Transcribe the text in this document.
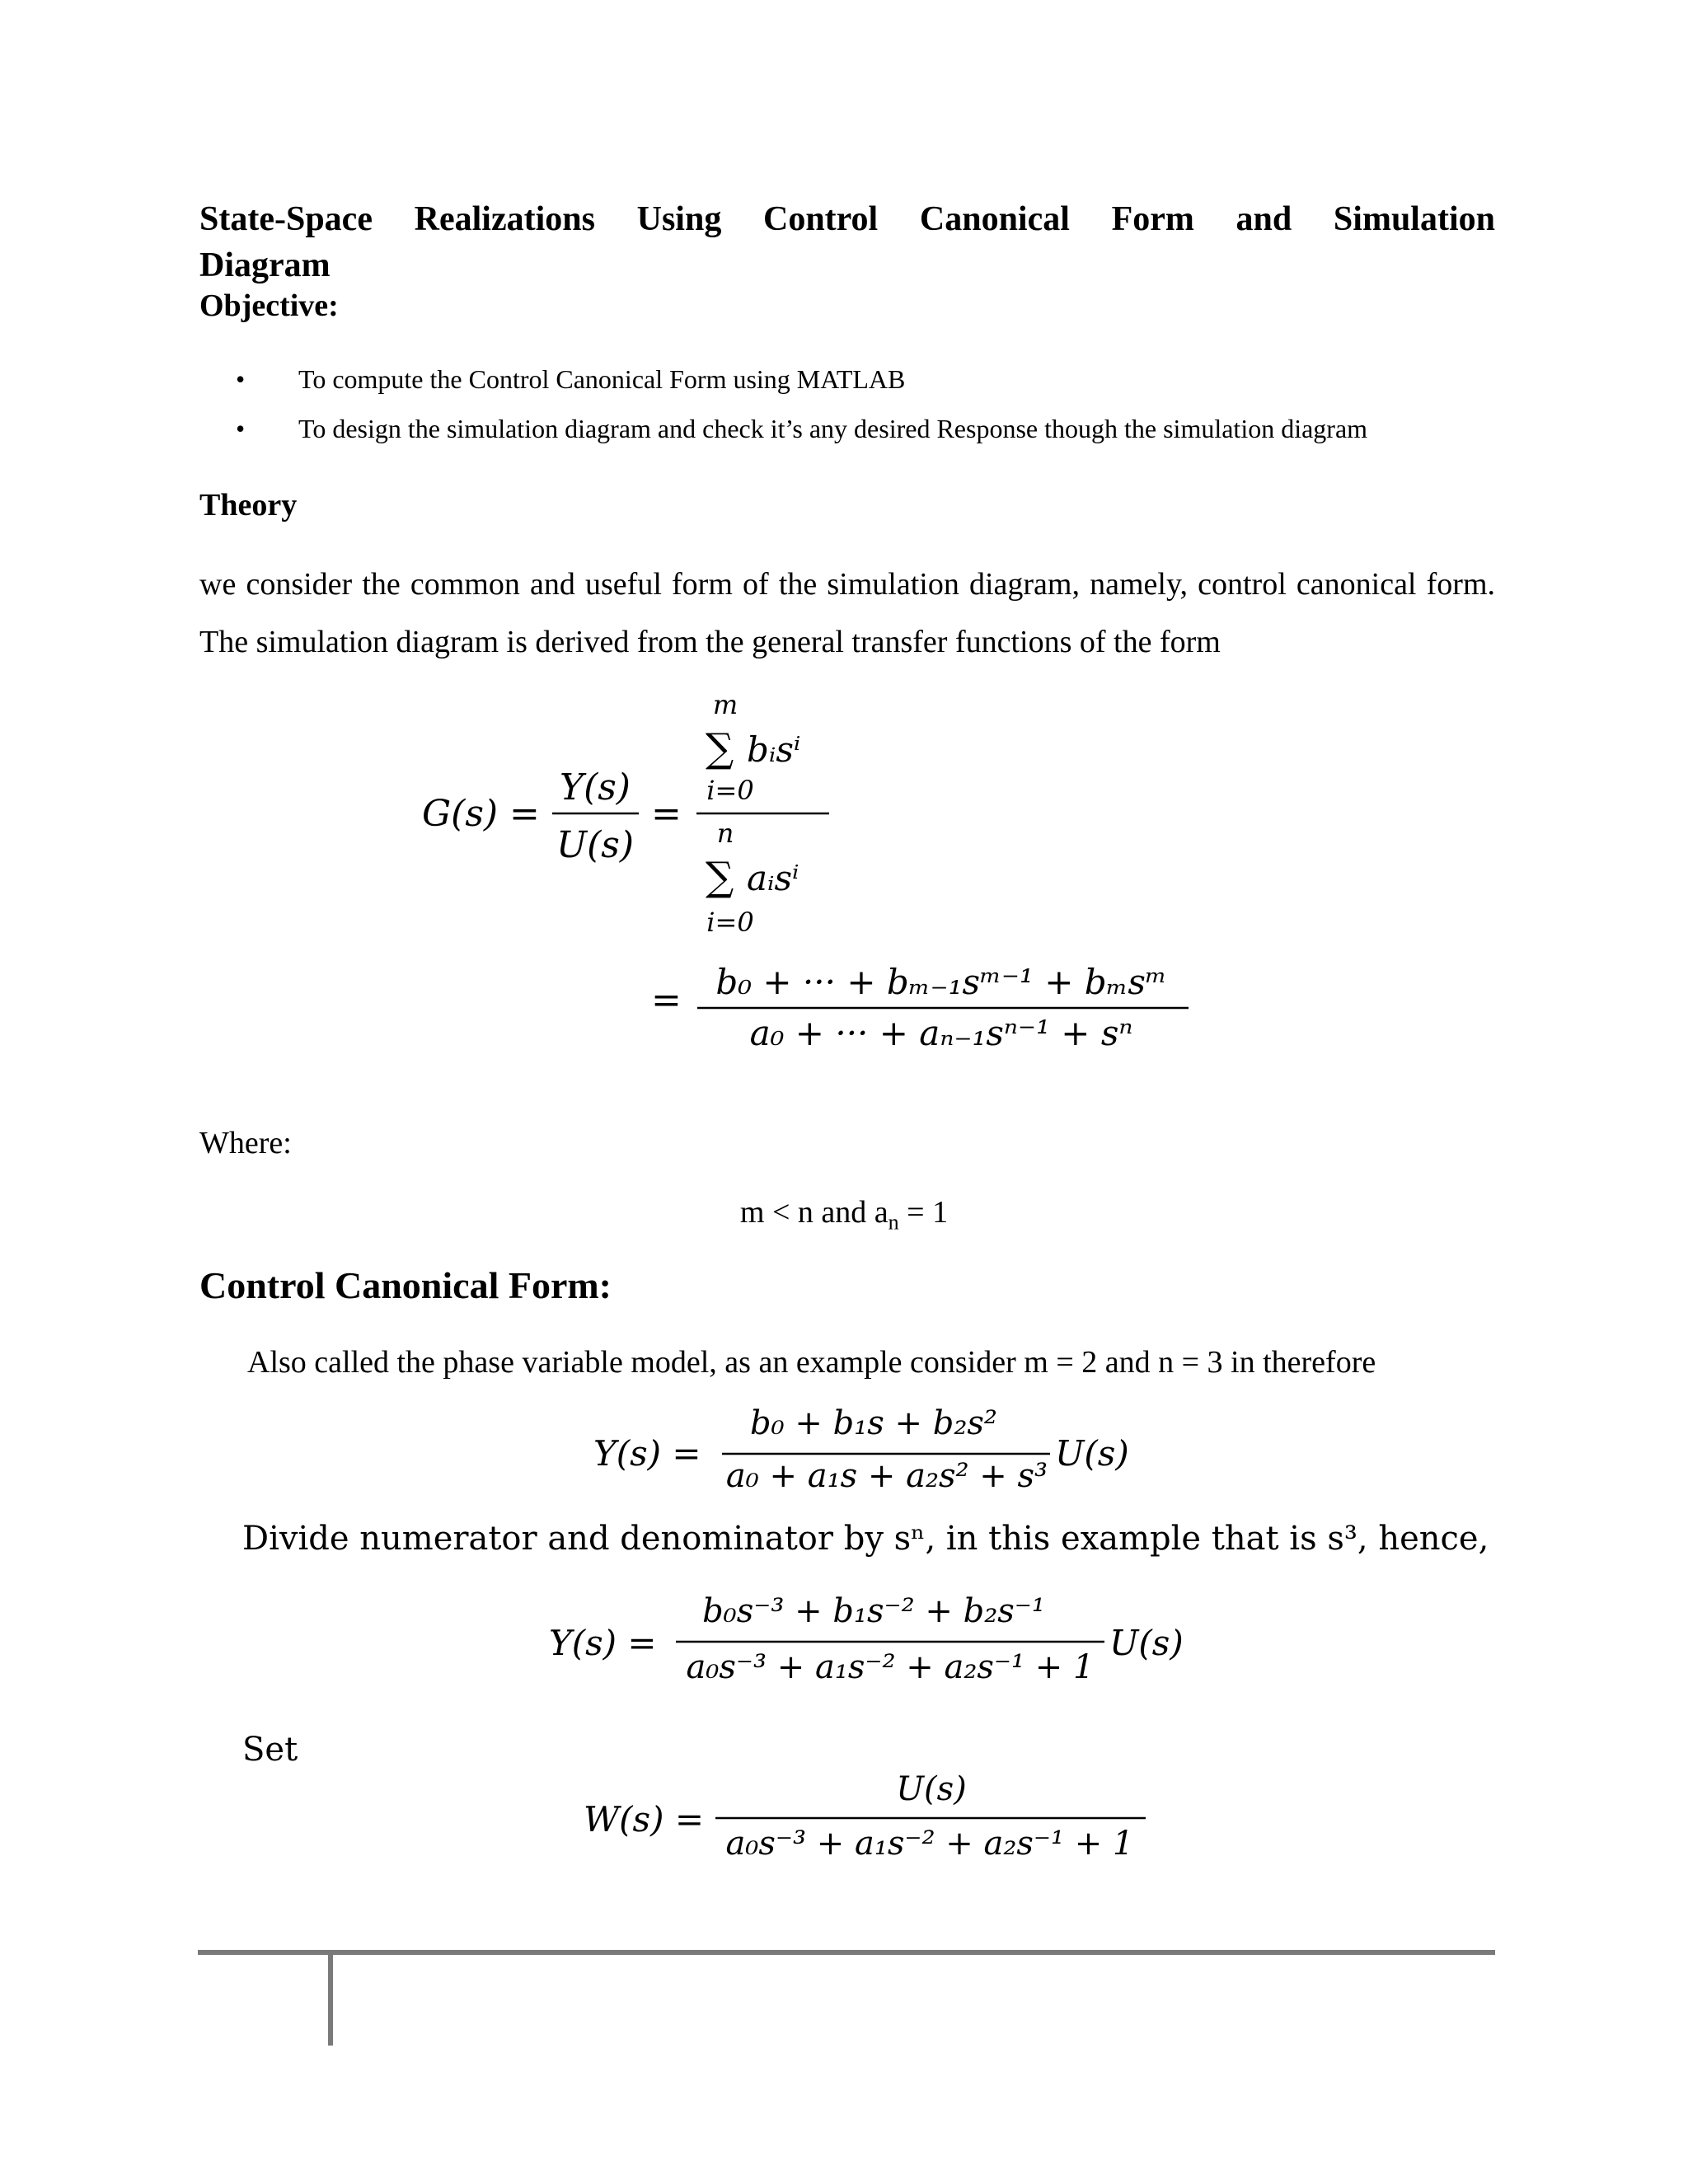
State-Space Realizations Using Control Canonical Form and Simulation
Diagram
Objective:
• To compute the Control Canonical Form using MATLAB
• To design the simulation diagram and check it’s any desired Response though the simulation diagram
Theory
we consider the common and useful form of the simulation diagram, namely, control canonical form. The simulation diagram is derived from the general transfer functions of the form
G(s) =
Y(s)
U(s)
=
m
∑ bᵢsⁱ
i=0
n
∑ aᵢsⁱ
i=0
= b₀ + ··· + bₘ₋₁sᵐ⁻¹ + bₘsᵐ
a₀ + ··· + aₙ₋₁sⁿ⁻¹ + sⁿ
Where:
m < n and $a_n = 1$
Control Canonical Form:
Also called the phase variable model, as an example consider m = 2 and n = 3 in therefore
Y(s) =
b₀ + b₁s + b₂s²
a₀ + a₁s + a₂s² + s³
U(s)
Divide numerator and denominator by sⁿ, in this example that is s³, hence,
Y(s) =
b₀s⁻³ + b₁s⁻² + b₂s⁻¹
a₀s⁻³ + a₁s⁻² + a₂s⁻¹ + 1
U(s)
Set
W(s) =
U(s)
a₀s⁻³ + a₁s⁻² + a₂s⁻¹ + 1
